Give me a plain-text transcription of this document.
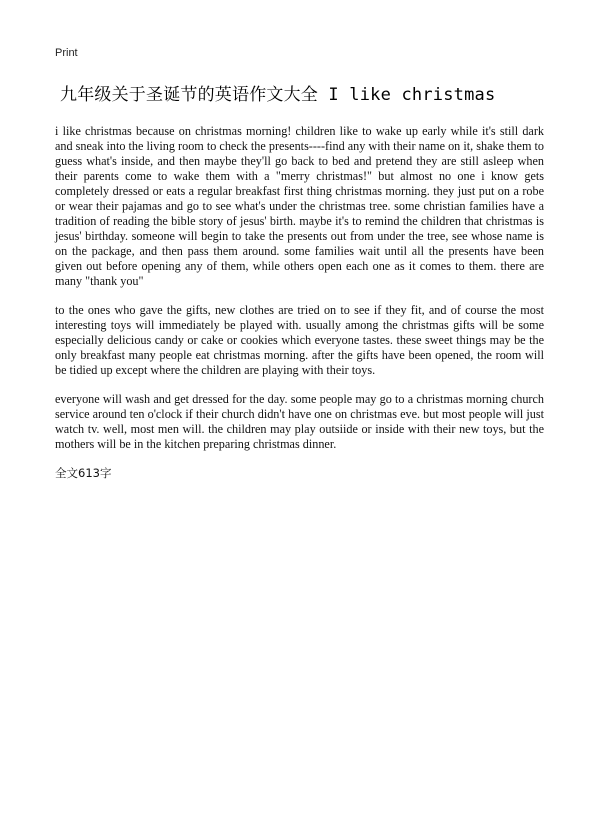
Print
九年级关于圣诞节的英语作文大全 I like christmas

i like christmas because on christmas morning! children like to wake up early while it's still dark and sneak into the living room to check the presents----find any with their name on it, shake them to guess what's inside, and then maybe they'll go back to bed and pretend they are still asleep when their parents come to wake them with a "merry christmas!" but almost no one i know gets completely dressed or eats a regular breakfast first thing christmas morning. they just put on a robe or wear their pajamas and go to see what's under the christmas tree. some christian families have a tradition of reading the bible story of jesus' birth. maybe it's to remind the children that christmas is jesus' birthday. someone will begin to take the presents out from under the tree, see whose name is on the package, and then pass them around. some families wait until all the presents have been given out before opening any of them, while others open each one as it comes to them. there are many "thank you"

to the ones who gave the gifts, new clothes are tried on to see if they fit, and of course the most interesting toys will immediately be played with. usually among the christmas gifts will be some especially delicious candy or cake or cookies which everyone tastes. these sweet things may be the only breakfast many people eat christmas morning. after the gifts have been opened, the room will be tidied up except where the children are playing with their toys.

everyone will wash and get dressed for the day. some people may go to a christmas morning church service around ten o'clock if their church didn't have one on christmas eve. but most people will just watch tv. well, most men will. the children may play outsiide or inside with their new toys, but the mothers will be in the kitchen preparing christmas dinner.

全文613字
